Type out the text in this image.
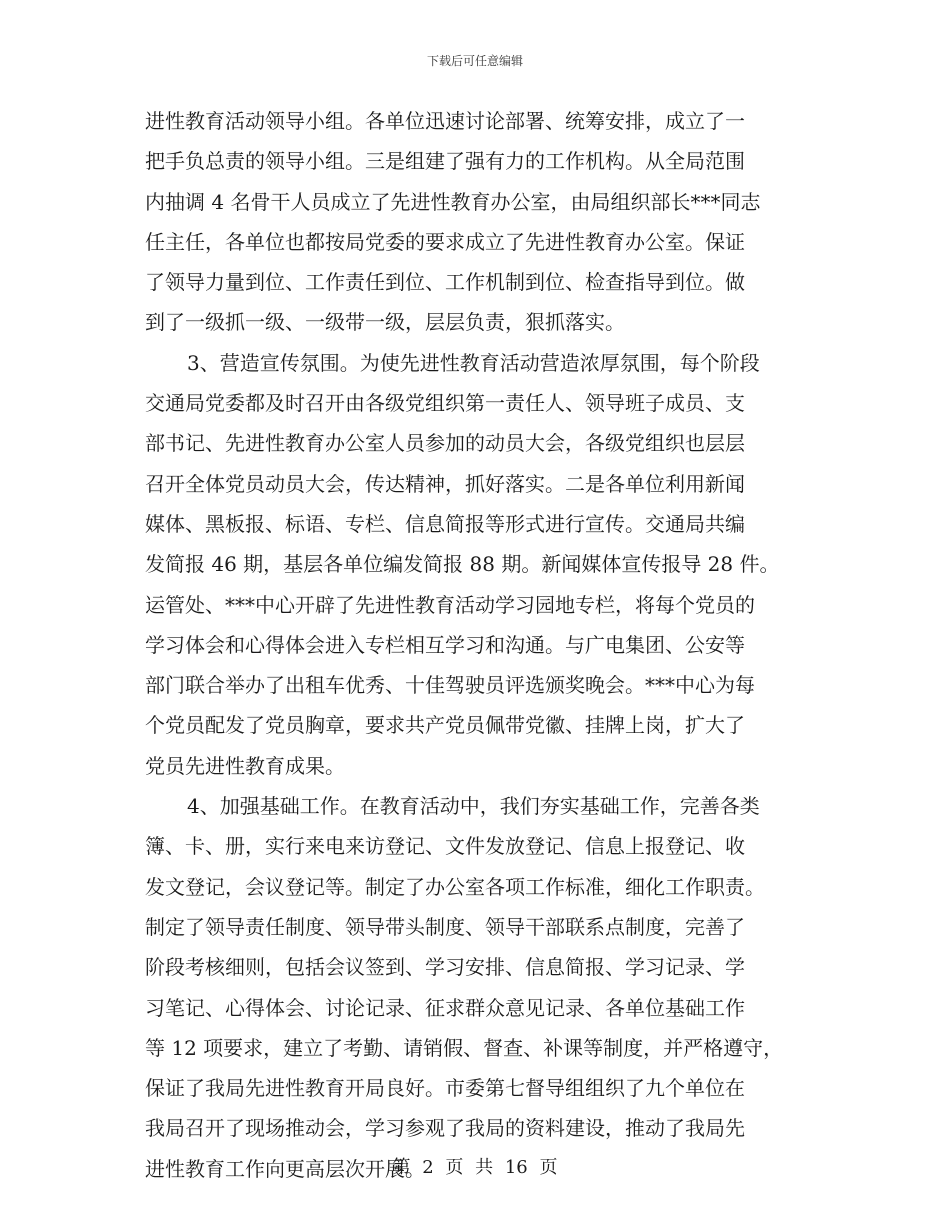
下载后可任意编辑
进性教育活动领导小组。各单位迅速讨论部署、统筹安排，成立了一
把手负总责的领导小组。三是组建了强有力的工作机构。从全局范围
内抽调 4 名骨干人员成立了先进性教育办公室，由局组织部长***同志
任主任，各单位也都按局党委的要求成立了先进性教育办公室。保证
了领导力量到位、工作责任到位、工作机制到位、检查指导到位。做
到了一级抓一级、一级带一级，层层负责，狠抓落实。
3、营造宣传氛围。为使先进性教育活动营造浓厚氛围，每个阶段
交通局党委都及时召开由各级党组织第一责任人、领导班子成员、支
部书记、先进性教育办公室人员参加的动员大会，各级党组织也层层
召开全体党员动员大会，传达精神，抓好落实。二是各单位利用新闻
媒体、黑板报、标语、专栏、信息简报等形式进行宣传。交通局共编
发简报 46 期，基层各单位编发简报 88 期。新闻媒体宣传报导 28 件。
运管处、***中心开辟了先进性教育活动学习园地专栏，将每个党员的
学习体会和心得体会进入专栏相互学习和沟通。与广电集团、公安等
部门联合举办了出租车优秀、十佳驾驶员评选颁奖晚会。***中心为每
个党员配发了党员胸章，要求共产党员佩带党徽、挂牌上岗，扩大了
党员先进性教育成果。
4、加强基础工作。在教育活动中，我们夯实基础工作，完善各类
簿、卡、册，实行来电来访登记、文件发放登记、信息上报登记、收
发文登记，会议登记等。制定了办公室各项工作标准，细化工作职责。
制定了领导责任制度、领导带头制度、领导干部联系点制度，完善了
阶段考核细则，包括会议签到、学习安排、信息简报、学习记录、学
习笔记、心得体会、讨论记录、征求群众意见记录、各单位基础工作
等 12 项要求，建立了考勤、请销假、督查、补课等制度，并严格遵守，
保证了我局先进性教育开局良好。市委第七督导组组织了九个单位在
我局召开了现场推动会，学习参观了我局的资料建设，推动了我局先
进性教育工作向更高层次开展。
第 2 页 共 16 页
